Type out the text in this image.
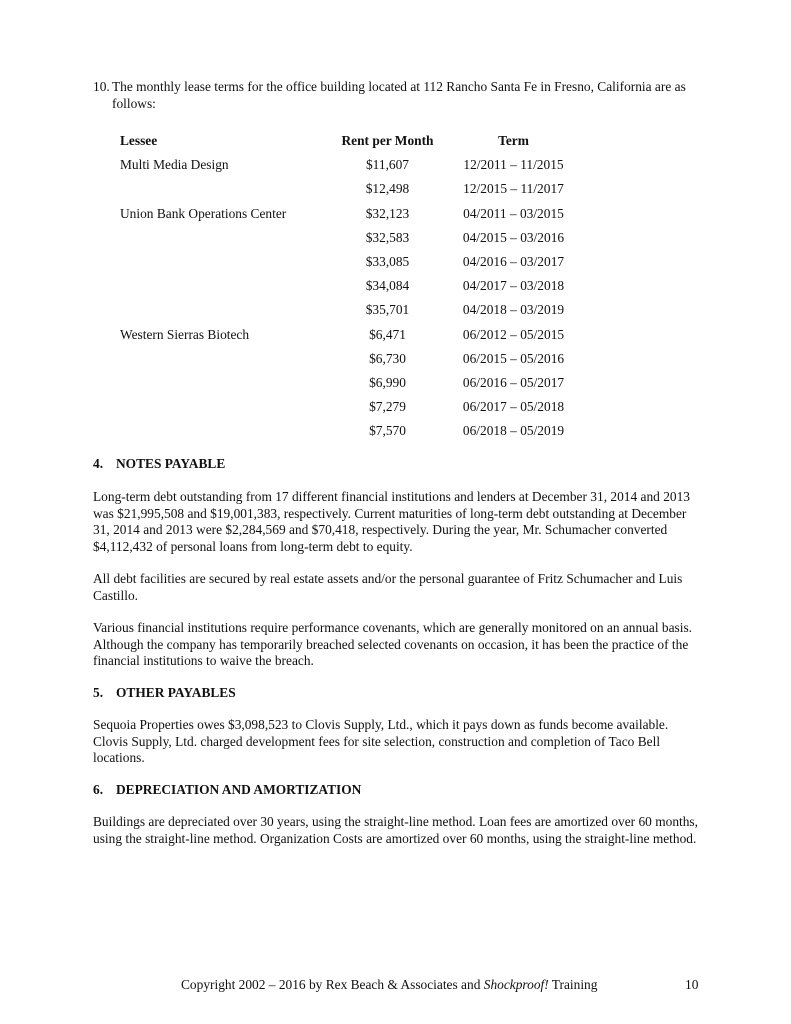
10. The monthly lease terms for the office building located at 112 Rancho Santa Fe in Fresno, California are as follows:

Lessee	Rent per Month	Term
Multi Media Design	$11,607	12/2011 – 11/2015
	$12,498	12/2015 – 11/2017
Union Bank Operations Center	$32,123	04/2011 – 03/2015
	$32,583	04/2015 – 03/2016
	$33,085	04/2016 – 03/2017
	$34,084	04/2017 – 03/2018
	$35,701	04/2018 – 03/2019
Western Sierras Biotech	$6,471	06/2012 – 05/2015
	$6,730	06/2015 – 05/2016
	$6,990	06/2016 – 05/2017
	$7,279	06/2017 – 05/2018
	$7,570	06/2018 – 05/2019
4. NOTES PAYABLE

Long-term debt outstanding from 17 different financial institutions and lenders at December 31, 2014 and 2013 was $21,995,508 and $19,001,383, respectively. Current maturities of long-term debt outstanding at December 31, 2014 and 2013 were $2,284,569 and $70,418, respectively. During the year, Mr. Schumacher converted $4,112,432 of personal loans from long-term debt to equity.

All debt facilities are secured by real estate assets and/or the personal guarantee of Fritz Schumacher and Luis Castillo.

Various financial institutions require performance covenants, which are generally monitored on an annual basis. Although the company has temporarily breached selected covenants on occasion, it has been the practice of the financial institutions to waive the breach.

5. OTHER PAYABLES

Sequoia Properties owes $3,098,523 to Clovis Supply, Ltd., which it pays down as funds become available. Clovis Supply, Ltd. charged development fees for site selection, construction and completion of Taco Bell locations.

6. DEPRECIATION AND AMORTIZATION

Buildings are depreciated over 30 years, using the straight-line method. Loan fees are amortized over 60 months, using the straight-line method. Organization Costs are amortized over 60 months, using the straight-line method.

Copyright 2002 – 2016 by Rex Beach & Associates and Shockproof! Training	10
